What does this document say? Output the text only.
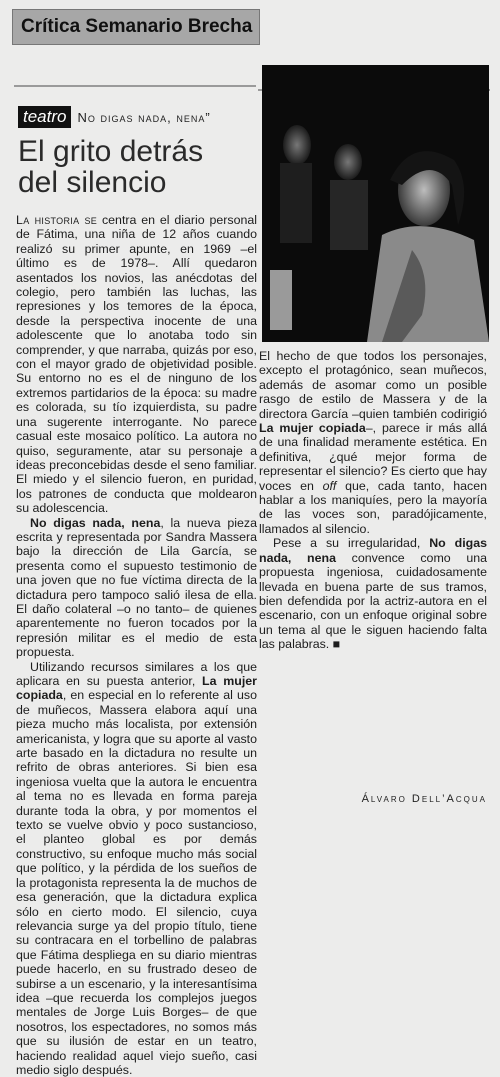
Crítica Semanario Brecha
teatro No digas nada, nena”
El grito detrás
del silencio

La historia se centra en el diario personal de Fátima, una niña de 12 años cuando realizó su primer apunte, en 1969 –el último es de 1978–. Allí quedaron asentados los novios, las anécdotas del colegio, pero también las luchas, las represiones y los temores de la época, desde la perspectiva inocente de una adolescente que lo anotaba todo sin comprender, y que narraba, quizás por eso, con el mayor grado de objetividad posible. Su entorno no es el de ninguno de los extremos partidarios de la época: su madre es colorada, su tío izquierdista, su padre una sugerente interrogante. No parece casual este mosaico político. La autora no quiso, seguramente, atar su personaje a ideas preconcebidas desde el seno familiar. El miedo y el silencio fueron, en puridad, los patrones de conducta que moldearon su adolescencia.

No digas nada, nena, la nueva pieza escrita y representada por Sandra Massera bajo la dirección de Lila García, se presenta como el supuesto testimonio de una joven que no fue víctima directa de la dictadura pero tampoco salió ilesa de ella. El daño colateral –o no tanto– de quienes aparentemente no fueron tocados por la represión militar es el medio de esta propuesta.

Utilizando recursos similares a los que aplicara en su puesta anterior, La mujer copiada, en especial en lo referente al uso de muñecos, Massera elabora aquí una pieza mucho más localista, por extensión americanista, y logra que su aporte al vasto arte basado en la dictadura no resulte un refrito de obras anteriores. Si bien esa ingeniosa vuelta que la autora le encuentra al tema no es llevada en forma pareja durante toda la obra, y por momentos el texto se vuelve obvio y poco sustancioso, el planteo global es por demás constructivo, su enfoque mucho más social que político, y la pérdida de los sueños de la protagonista representa la de muchos de esa generación, que la dictadura explica sólo en cierto modo. El silencio, cuya relevancia surge ya del propio título, tiene su contracara en el torbellino de palabras que Fátima despliega en su diario mientras puede hacerlo, en su frustrado deseo de subirse a un escenario, y la interesantísima idea –que recuerda los complejos juegos mentales de Jorge Luis Borges– de que nosotros, los espectadores, no somos más que su ilusión de estar en un teatro, haciendo realidad aquel viejo sueño, casi medio siglo después.

El hecho de que todos los personajes, excepto el protagónico, sean muñecos, además de asomar como un posible rasgo de estilo de Massera y de la directora García –quien también codirigió La mujer copiada–, parece ir más allá de una finalidad meramente estética. En definitiva, ¿qué mejor forma de representar el silencio? Es cierto que hay voces en off que, cada tanto, hacen hablar a los maniquíes, pero la mayoría de las voces son, paradójicamente, llamados al silencio.

Pese a su irregularidad, No digas nada, nena convence como una propuesta ingeniosa, cuidadosamente llevada en buena parte de sus tramos, bien defendida por la actriz-autora en el escenario, con un enfoque original sobre un tema al que le siguen haciendo falta las palabras. ■

Álvaro Dell’Acqua
